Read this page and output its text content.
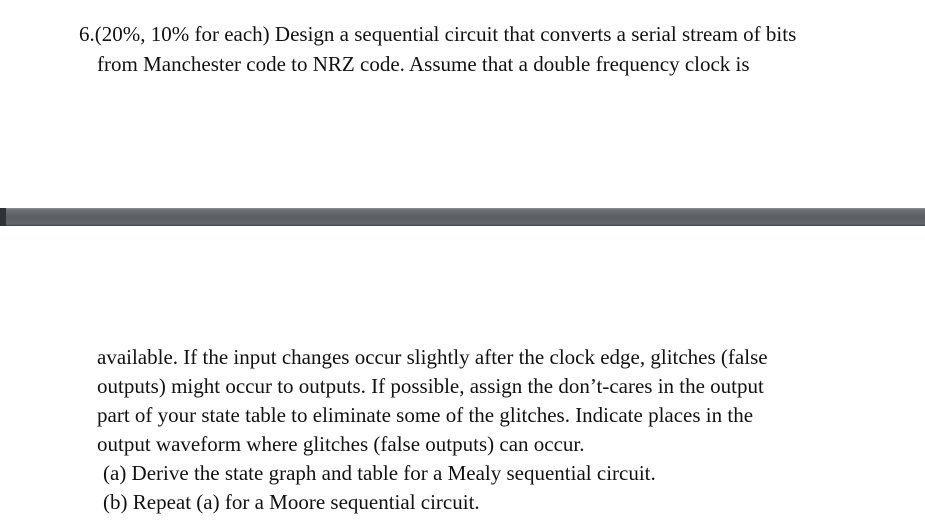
6.(20%, 10% for each) Design a sequential circuit that converts a serial stream of bits
from Manchester code to NRZ code. Assume that a double frequency clock is
available. If the input changes occur slightly after the clock edge, glitches (false
outputs) might occur to outputs. If possible, assign the don’t-cares in the output
part of your state table to eliminate some of the glitches. Indicate places in the
output waveform where glitches (false outputs) can occur.
(a) Derive the state graph and table for a Mealy sequential circuit.
(b) Repeat (a) for a Moore sequential circuit.
